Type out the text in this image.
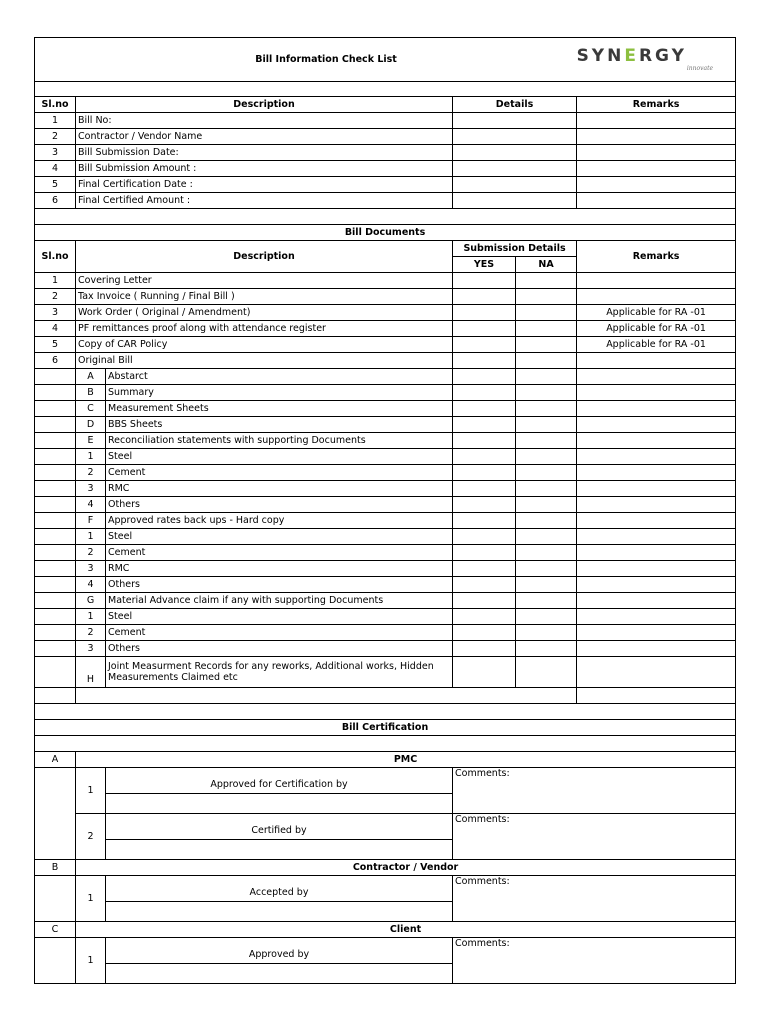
	Bill Information Check List				SYNERGY
innovate

Sl.no	Description		Details		Remarks
1	Bill No:				
2	Contractor / Vendor Name				
3	Bill Submission Date:				
4	Bill Submission Amount :				
5	Final Certification Date :				
6	Final Certified Amount :				

Bill Documents					
Sl.no	Description		Submission Details		Remarks
			YES	NA	
1	Covering Letter				
2	Tax Invoice ( Running / Final Bill )				
3	Work Order ( Original / Amendment)				Applicable for RA -01
4	PF remittances proof along with attendance register				Applicable for RA -01
5	Copy of CAR Policy				Applicable for RA -01
6	Original Bill				
	A	Abstarct			
	B	Summary			
	C	Measurement Sheets			
	D	BBS Sheets			
	E	Reconciliation statements with supporting Documents			
	1	Steel			
	2	Cement			
	3	RMC			
	4	Others			
	F	Approved rates back ups - Hard copy			
	1	Steel			
	2	Cement			
	3	RMC			
	4	Others			
	G	Material Advance claim if any with supporting Documents			
	1	Steel			
	2	Cement			
	3	Others			
	H	Joint Measurment Records for any reworks, Additional works, Hidden Measurements Claimed etc			

Bill Certification					

A	PMC				
	1	Approved for Certification by	Comments:		

	2	Certified by	Comments:		

B	Contractor / Vendor				
	1	Accepted by	Comments:		

C	Client				
	1	Approved by	Comments:		
